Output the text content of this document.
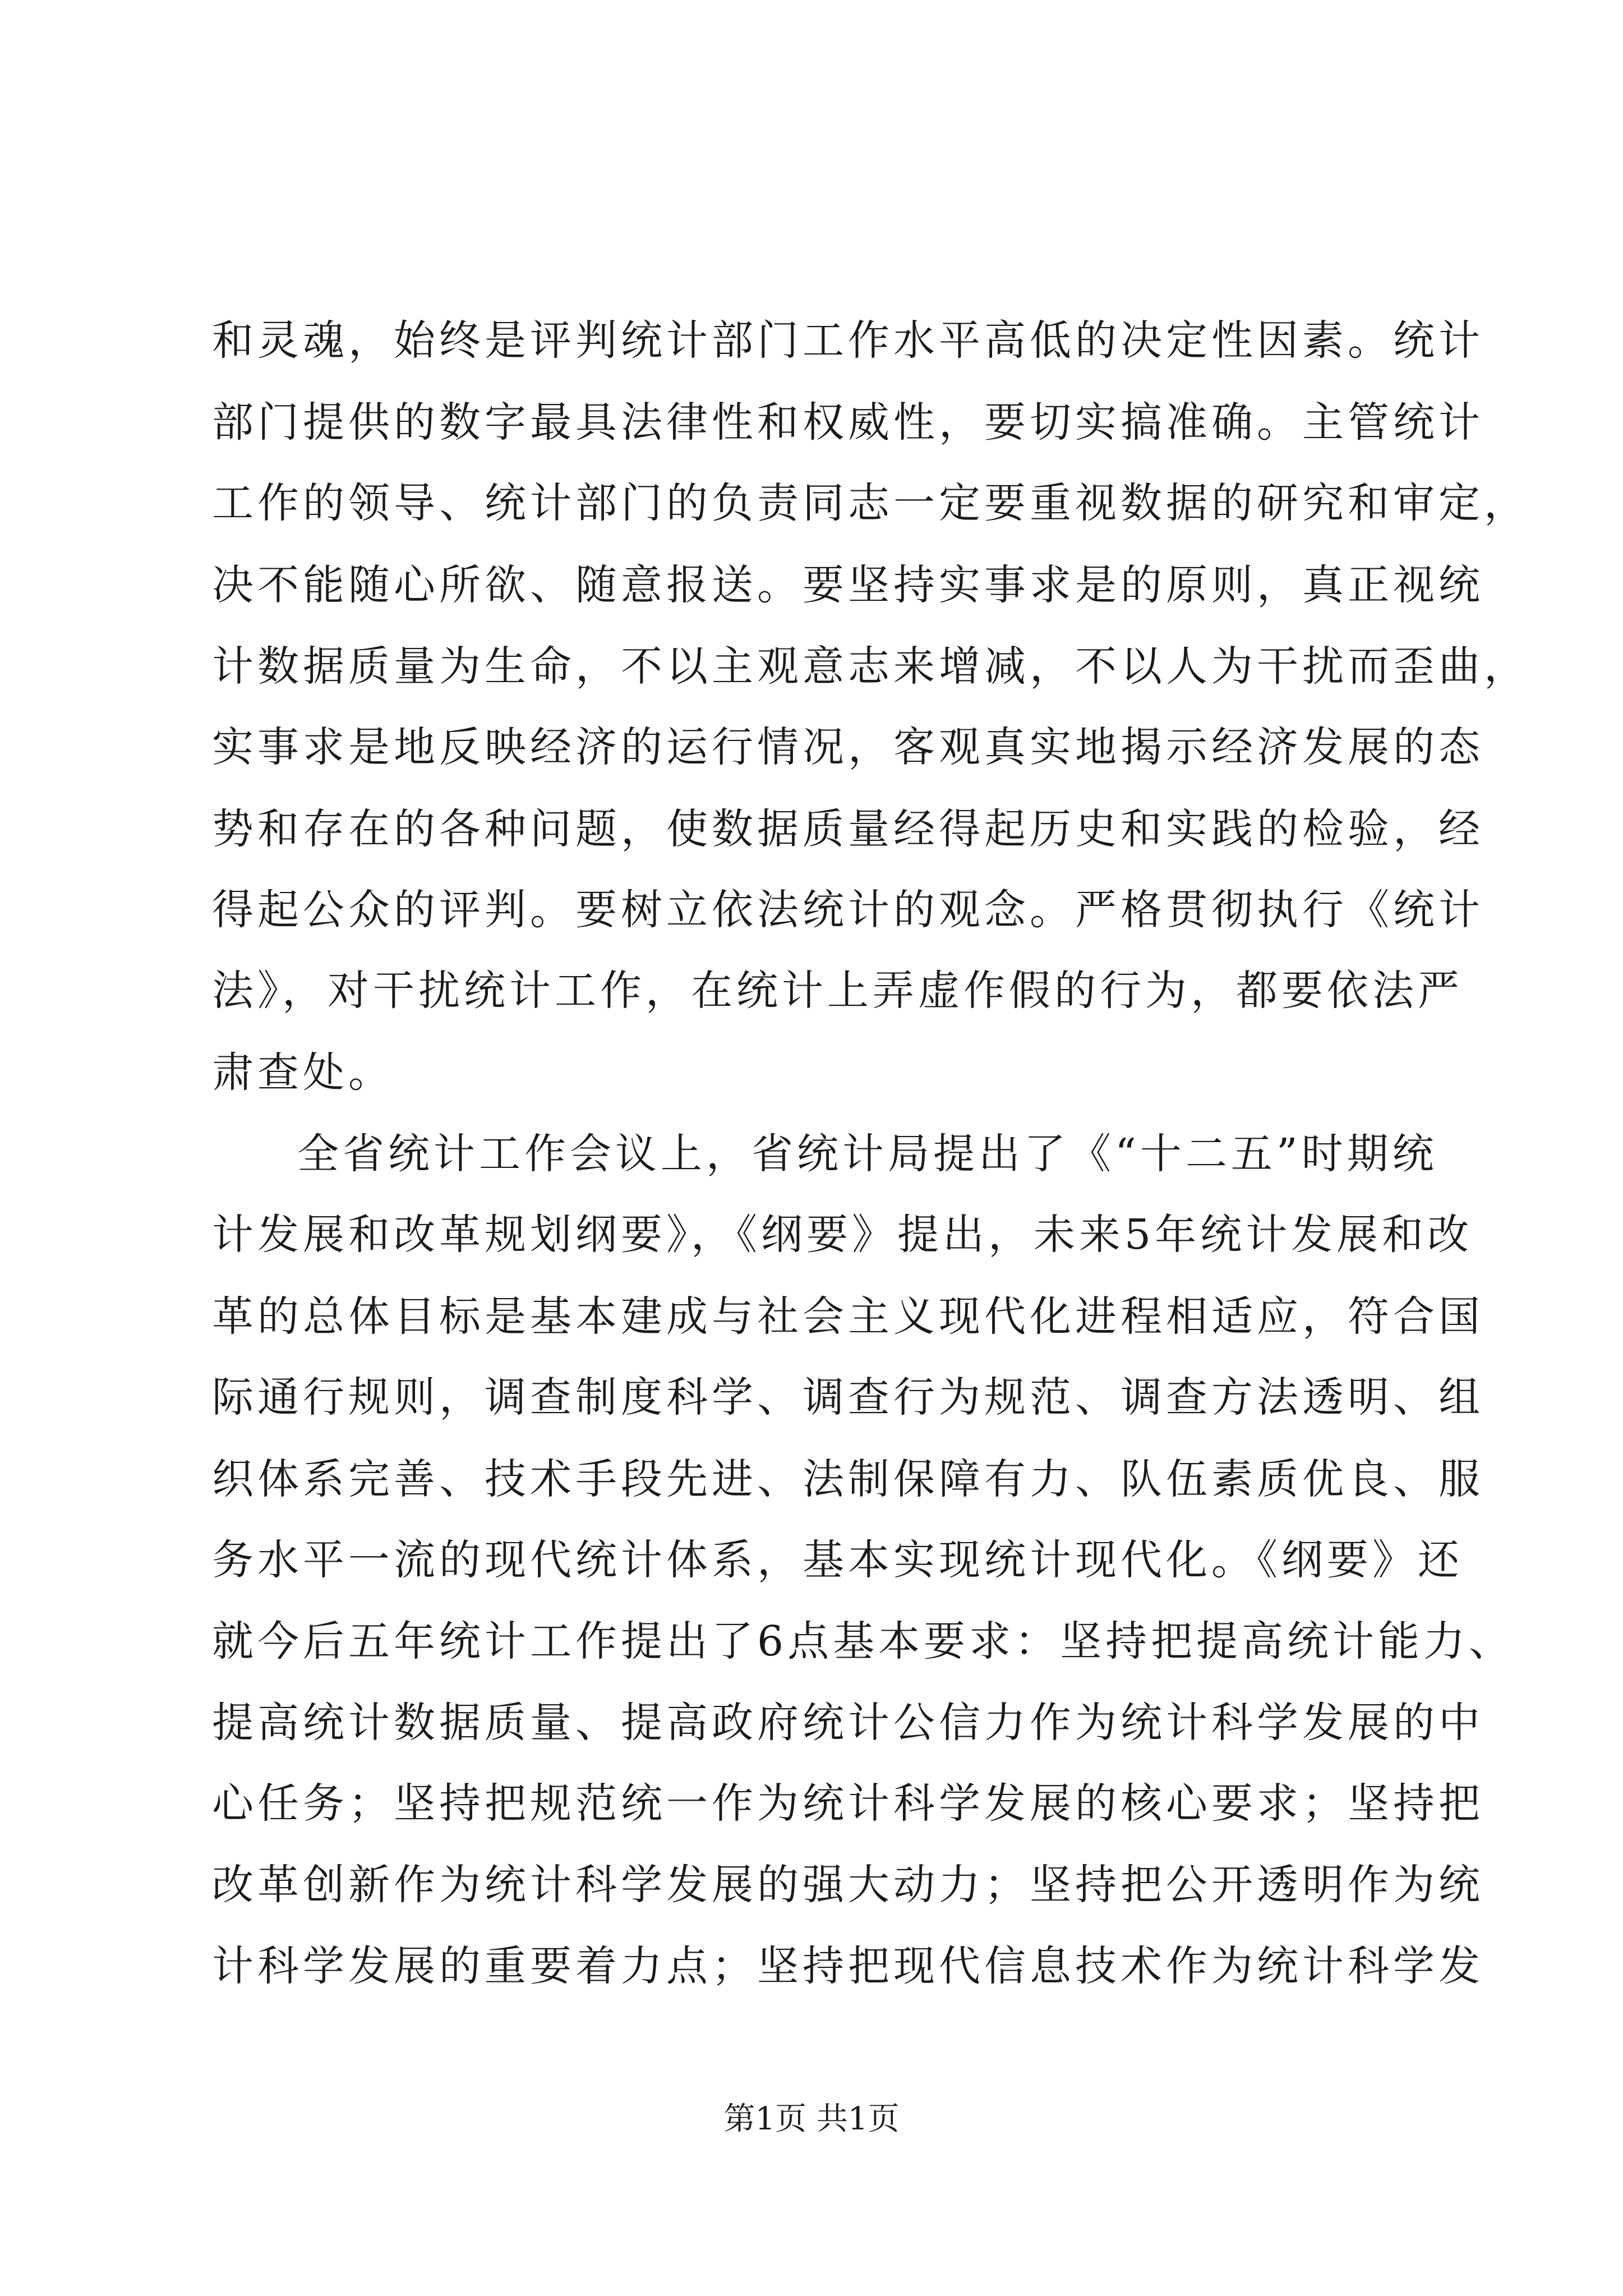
和灵魂，始终是评判统计部门工作水平高低的决定性因素。统计
部门提供的数字最具法律性和权威性，要切实搞准确。主管统计
工作的领导、统计部门的负责同志一定要重视数据的研究和审定，
决不能随心所欲、随意报送。要坚持实事求是的原则，真正视统
计数据质量为生命，不以主观意志来增减，不以人为干扰而歪曲，
实事求是地反映经济的运行情况，客观真实地揭示经济发展的态
势和存在的各种问题，使数据质量经得起历史和实践的检验，经
得起公众的评判。要树立依法统计的观念。严格贯彻执行《统计
法》，对干扰统计工作，在统计上弄虚作假的行为，都要依法严
肃查处。
全省统计工作会议上，省统计局提出了《“十二五”时期统
计发展和改革规划纲要》，《纲要》提出，未来5年统计发展和改
革的总体目标是基本建成与社会主义现代化进程相适应，符合国
际通行规则，调查制度科学、调查行为规范、调查方法透明、组
织体系完善、技术手段先进、法制保障有力、队伍素质优良、服
务水平一流的现代统计体系，基本实现统计现代化。《纲要》还
就今后五年统计工作提出了6点基本要求：坚持把提高统计能力、
提高统计数据质量、提高政府统计公信力作为统计科学发展的中
心任务；坚持把规范统一作为统计科学发展的核心要求；坚持把
改革创新作为统计科学发展的强大动力；坚持把公开透明作为统
计科学发展的重要着力点；坚持把现代信息技术作为统计科学发
第1页 共1页
